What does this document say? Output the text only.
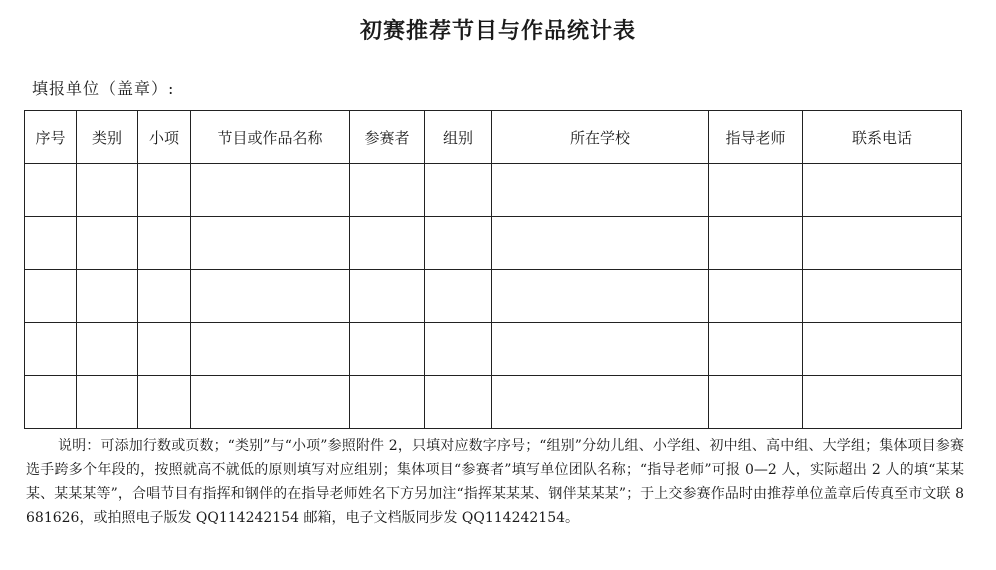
初赛推荐节目与作品统计表
填报单位（盖章）:
序号	类别	小项	节目或作品名称	参赛者	组别	所在学校	指导老师	联系电话

说明：可添加行数或页数；“类别”与“小项”参照附件 2，只填对应数字序号；“组别”分幼儿组、小学组、初中组、高中组、大学组；集体项目参赛选手跨多个年段的，按照就高不就低的原则填写对应组别；集体项目“参赛者”填写单位团队名称；“指导老师”可报 0—2 人，实际超出 2 人的填“某某某、某某某等”，合唱节目有指挥和钢伴的在指导老师姓名下方另加注“指挥某某某、钢伴某某某”；于上交参赛作品时由推荐单位盖章后传真至市文联 8681626，或拍照电子版发 QQ114242154 邮箱，电子文档版同步发 QQ114242154。
